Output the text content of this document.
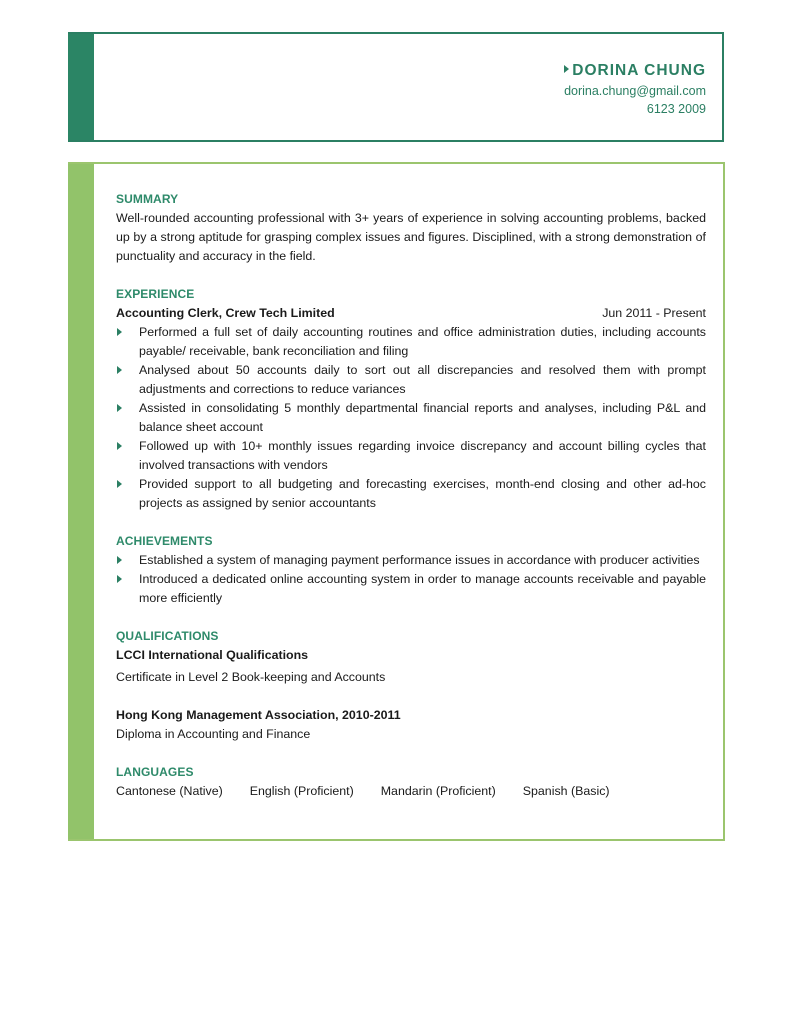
DORINA CHUNG
dorina.chung@gmail.com
6123 2009
SUMMARY
Well-rounded accounting professional with 3+ years of experience in solving accounting problems, backed up by a strong aptitude for grasping complex issues and figures. Disciplined, with a strong demonstration of punctuality and accuracy in the field.
EXPERIENCE
Accounting Clerk, Crew Tech Limited	Jun 2011 - Present
Performed a full set of daily accounting routines and office administration duties, including accounts payable/ receivable, bank reconciliation and filing
Analysed about 50 accounts daily to sort out all discrepancies and resolved them with prompt adjustments and corrections to reduce variances
Assisted in consolidating 5 monthly departmental financial reports and analyses, including P&L and balance sheet account
Followed up with 10+ monthly issues regarding invoice discrepancy and account billing cycles that involved transactions with vendors
Provided support to all budgeting and forecasting exercises, month-end closing and other ad-hoc projects as assigned by senior accountants
ACHIEVEMENTS
Established a system of managing payment performance issues in accordance with producer activities
Introduced a dedicated online accounting system in order to manage accounts receivable and payable more efficiently
QUALIFICATIONS
LCCI International Qualifications
Certificate in Level 2 Book-keeping and Accounts
Hong Kong Management Association, 2010-2011
Diploma in Accounting and Finance
LANGUAGES
Cantonese (Native) English (Proficient) Mandarin (Proficient) Spanish (Basic)
